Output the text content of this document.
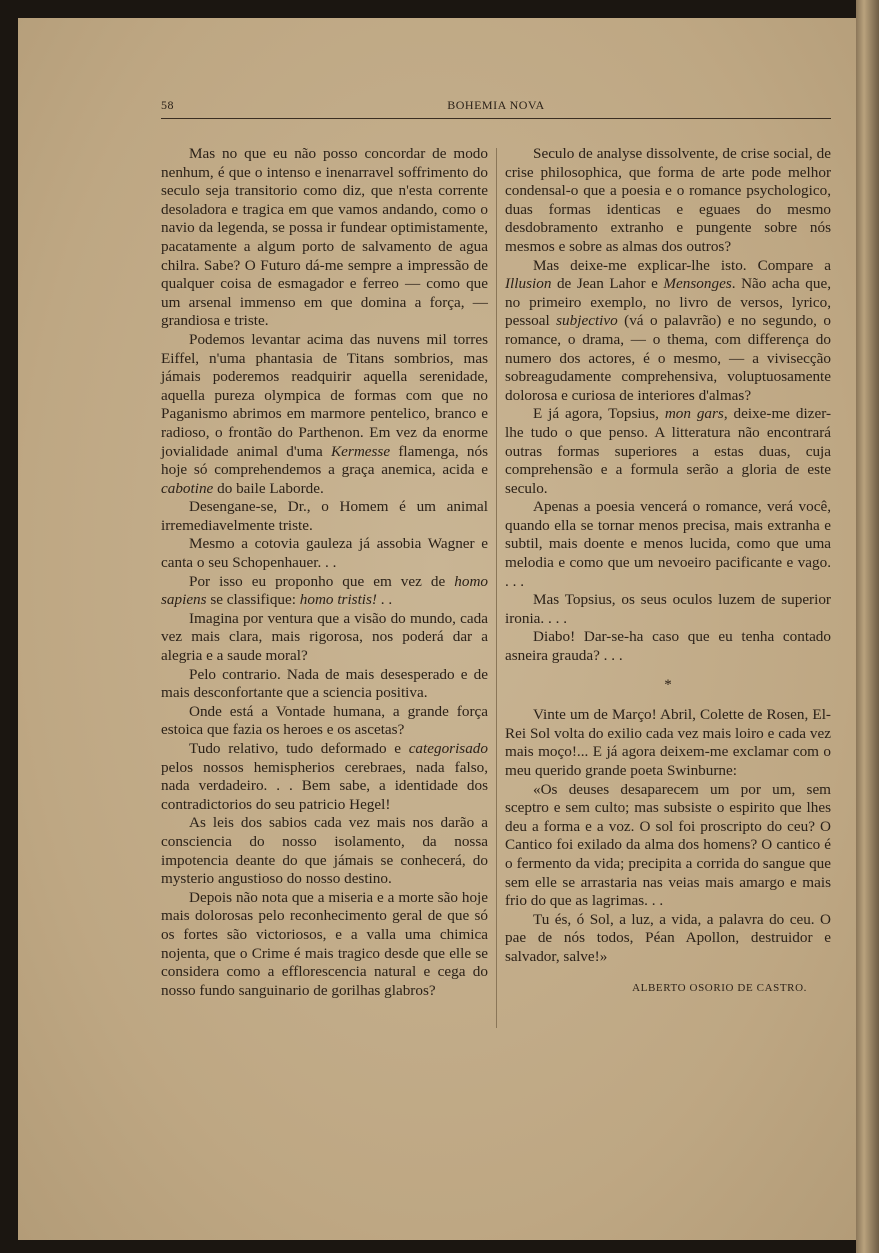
58	BOHEMIA NOVA

Mas no que eu não posso concordar de modo nenhum, é que o intenso e inenarravel soffrimento do seculo seja transitorio como diz, que n'esta corrente desoladora e tragica em que vamos andando, como o navio da legenda, se possa ir fundear optimistamente, pacatamente a algum porto de salvamento de agua chilra. Sabe? O Futuro dá-me sempre a impressão de qualquer coisa de esmagador e ferreo — como que um arsenal immenso em que domina a força, — grandiosa e triste.

Podemos levantar acima das nuvens mil torres Eiffel, n'uma phantasia de Titans sombrios, mas jámais poderemos readquirir aquella serenidade, aquella pureza olympica de formas com que no Paganismo abrimos em marmore pentelico, branco e radioso, o frontão do Parthenon. Em vez da enorme jovialidade animal d'uma Kermesse flamenga, nós hoje só comprehendemos a graça anemica, acida e cabotine do baile Laborde.

Desengane-se, Dr., o Homem é um animal irremediavelmente triste.

Mesmo a cotovia gauleza já assobia Wagner e canta o seu Schopenhauer. . .

Por isso eu proponho que em vez de homo sapiens se classifique: homo tristis! . .

Imagina por ventura que a visão do mundo, cada vez mais clara, mais rigorosa, nos poderá dar a alegria e a saude moral?

Pelo contrario. Nada de mais desesperado e de mais desconfortante que a sciencia positiva.

Onde está a Vontade humana, a grande força estoica que fazia os heroes e os ascetas?

Tudo relativo, tudo deformado e categorisado pelos nossos hemispherios cerebraes, nada falso, nada verdadeiro. . . Bem sabe, a identidade dos contradictorios do seu patricio Hegel!

As leis dos sabios cada vez mais nos darão a consciencia do nosso isolamento, da nossa impotencia deante do que jámais se conhecerá, do mysterio angustioso do nosso destino.

Depois não nota que a miseria e a morte são hoje mais dolorosas pelo reconhecimento geral de que só os fortes são victoriosos, e a valla uma chimica nojenta, que o Crime é mais tragico desde que elle se considera como a efflorescencia natural e cega do nosso fundo sanguinario de gorilhas glabros?

Seculo de analyse dissolvente, de crise social, de crise philosophica, que forma de arte pode melhor condensal-o que a poesia e o romance psychologico, duas formas identicas e eguaes do mesmo desdobramento extranho e pungente sobre nós mesmos e sobre as almas dos outros?

Mas deixe-me explicar-lhe isto. Compare a Illusion de Jean Lahor e Mensonges. Não acha que, no primeiro exemplo, no livro de versos, lyrico, pessoal subjectivo (vá o palavrão) e no segundo, o romance, o drama, — o thema, com differença do numero dos actores, é o mesmo, — a vivisecção sobreagudamente comprehensiva, voluptuosamente dolorosa e curiosa de interiores d'almas?

E já agora, Topsius, mon gars, deixe-me dizer-lhe tudo o que penso. A litteratura não encontrará outras formas superiores a estas duas, cuja comprehensão e a formula serão a gloria de este seculo.

Apenas a poesia vencerá o romance, verá você, quando ella se tornar menos precisa, mais extranha e subtil, mais doente e menos lucida, como que uma melodia e como que um nevoeiro pacificante e vago. . . .

Mas Topsius, os seus oculos luzem de superior ironia. . . .

Diabo! Dar-se-ha caso que eu tenha contado asneira grauda? . . .

*

Vinte um de Março! Abril, Colette de Rosen, El-Rei Sol volta do exilio cada vez mais loiro e cada vez mais moço!... E já agora deixem-me exclamar com o meu querido grande poeta Swinburne:

«Os deuses desaparecem um por um, sem sceptro e sem culto; mas subsiste o espirito que lhes deu a forma e a voz. O sol foi proscripto do ceu? O Cantico foi exilado da alma dos homens? O cantico é o fermento da vida; precipita a corrida do sangue que sem elle se arrastaria nas veias mais amargo e mais frio do que as lagrimas. . .

Tu és, ó Sol, a luz, a vida, a palavra do ceu. O pae de nós todos, Péan Apollon, destruidor e salvador, salve!»

ALBERTO OSORIO DE CASTRO.
